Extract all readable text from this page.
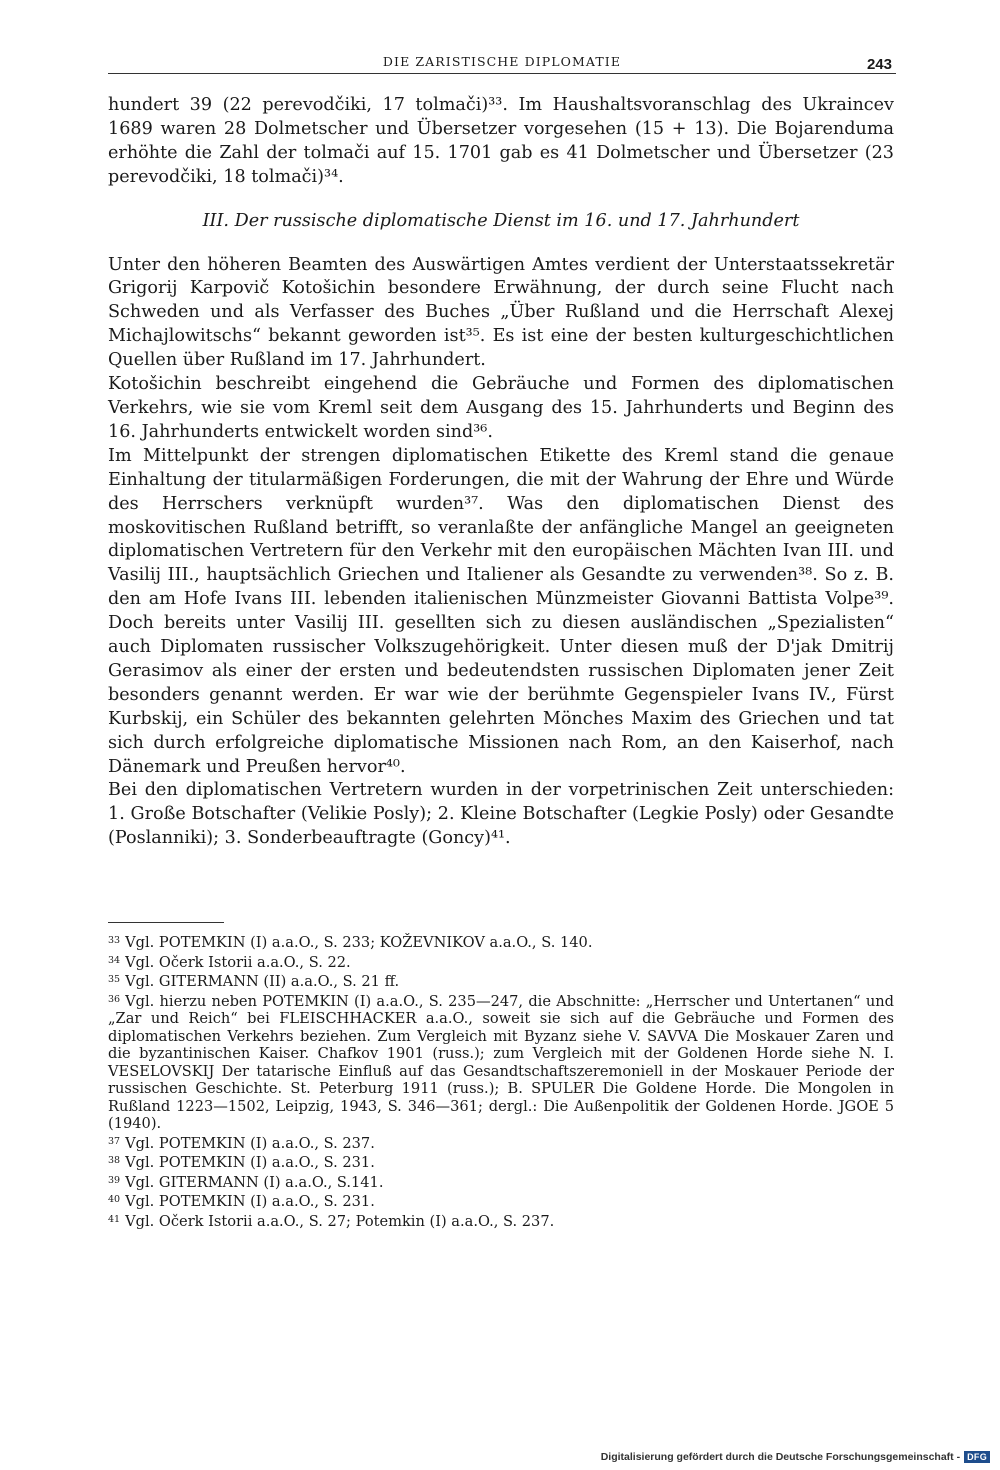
DIE ZARISTISCHE DIPLOMATIE	243

hundert 39 (22 perevodčiki, 17 tolmači)³³. Im Haushaltsvoranschlag des Ukraincev 1689 waren 28 Dolmetscher und Übersetzer vorgesehen (15 + 13). Die Bojarenduma erhöhte die Zahl der tolmači auf 15. 1701 gab es 41 Dolmetscher und Übersetzer (23 perevodčiki, 18 tolmači)³⁴.

III. Der russische diplomatische Dienst im 16. und 17. Jahrhundert

Unter den höheren Beamten des Auswärtigen Amtes verdient der Unterstaatssekretär Grigorij Karpovič Kotošichin besondere Erwähnung, der durch seine Flucht nach Schweden und als Verfasser des Buches „Über Rußland und die Herrschaft Alexej Michajlowitschs“ bekannt geworden ist³⁵. Es ist eine der besten kulturgeschichtlichen Quellen über Rußland im 17. Jahrhundert.

Kotošichin beschreibt eingehend die Gebräuche und Formen des diplomatischen Verkehrs, wie sie vom Kreml seit dem Ausgang des 15. Jahrhunderts und Beginn des 16. Jahrhunderts entwickelt worden sind³⁶.

Im Mittelpunkt der strengen diplomatischen Etikette des Kreml stand die genaue Einhaltung der titularmäßigen Forderungen, die mit der Wahrung der Ehre und Würde des Herrschers verknüpft wurden³⁷. Was den diplomatischen Dienst des moskovitischen Rußland betrifft, so veranlaßte der anfängliche Mangel an geeigneten diplomatischen Vertretern für den Verkehr mit den europäischen Mächten Ivan III. und Vasilij III., hauptsächlich Griechen und Italiener als Gesandte zu verwenden³⁸. So z. B. den am Hofe Ivans III. lebenden italienischen Münzmeister Giovanni Battista Volpe³⁹. Doch bereits unter Vasilij III. gesellten sich zu diesen ausländischen „Spezialisten“ auch Diplomaten russischer Volkszugehörigkeit. Unter diesen muß der D'jak Dmitrij Gerasimov als einer der ersten und bedeutendsten russischen Diplomaten jener Zeit besonders genannt werden. Er war wie der berühmte Gegenspieler Ivans IV., Fürst Kurbskij, ein Schüler des bekannten gelehrten Mönches Maxim des Griechen und tat sich durch erfolgreiche diplomatische Missionen nach Rom, an den Kaiserhof, nach Dänemark und Preußen hervor⁴⁰.

Bei den diplomatischen Vertretern wurden in der vorpetrinischen Zeit unterschieden: 1. Große Botschafter (Velikie Posly); 2. Kleine Botschafter (Legkie Posly) oder Gesandte (Poslanniki); 3. Sonderbeauftragte (Goncy)⁴¹.

33 Vgl. POTEMKIN (I) a.a.O., S. 233; KOŽEVNIKOV a.a.O., S. 140.

34 Vgl. Očerk Istorii a.a.O., S. 22.

35 Vgl. GITERMANN (II) a.a.O., S. 21 ff.

36 Vgl. hierzu neben POTEMKIN (I) a.a.O., S. 235—247, die Abschnitte: „Herrscher und Untertanen“ und „Zar und Reich“ bei FLEISCHHACKER a.a.O., soweit sie sich auf die Gebräuche und Formen des diplomatischen Verkehrs beziehen. Zum Vergleich mit Byzanz siehe V. SAVVA Die Moskauer Zaren und die byzantinischen Kaiser. Chafkov 1901 (russ.); zum Vergleich mit der Goldenen Horde siehe N. I. VESELOVSKIJ Der tatarische Einfluß auf das Gesandtschaftszeremoniell in der Moskauer Periode der russischen Geschichte. St. Peterburg 1911 (russ.); B. SPULER Die Goldene Horde. Die Mongolen in Rußland 1223—1502, Leipzig, 1943, S. 346—361; dergl.: Die Außenpolitik der Goldenen Horde. JGOE 5 (1940).

37 Vgl. POTEMKIN (I) a.a.O., S. 237.

38 Vgl. POTEMKIN (I) a.a.O., S. 231.

39 Vgl. GITERMANN (I) a.a.O., S.141.

40 Vgl. POTEMKIN (I) a.a.O., S. 231.

41 Vgl. Očerk Istorii a.a.O., S. 27; Potemkin (I) a.a.O., S. 237.

Digitalisierung gefördert durch die Deutsche Forschungsgemeinschaft - DFG
